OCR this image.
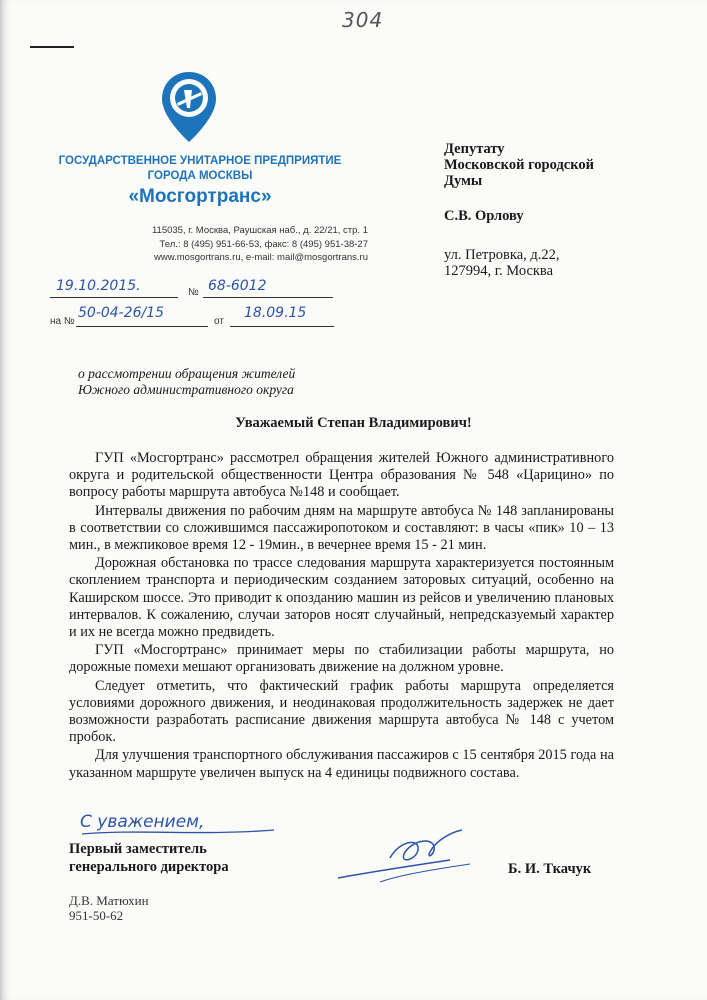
304
ГОСУДАРСТВЕННОЕ УНИТАРНОЕ ПРЕДПРИЯТИЕ
ГОРОДА МОСКВЫ
«Мосгортранс»
115035, г. Москва, Раушская наб., д. 22/21, стр. 1
Тел.: 8 (495) 951-66-53, факс: 8 (495) 951-38-27
www.mosgortrans.ru, e-mail: mail@mosgortrans.ru
19.10.2015.	№ 68-6012
на №
50-04-26/15
от
18.09.15
Депутату
Московской городской
Думы
С.В. Орлову
ул. Петровка, д.22,
127994, г. Москва
о рассмотрении обращения жителей
Южного административного округа
Уважаемый Степан Владимирович!

ГУП «Мосгортранс» рассмотрел обращения жителей Южного административного округа и родительской общественности Центра образования № 548 «Царицино» по вопросу работы маршрута автобуса №148 и сообщает.

Интервалы движения по рабочим дням на маршруте автобуса № 148 запланированы в соответствии со сложившимся пассажиропотоком и составляют: в часы «пик» 10 – 13 мин., в межпиковое время 12 - 19мин., в вечернее время 15 - 21 мин.

Дорожная обстановка по трассе следования маршрута характеризуется постоянным скоплением транспорта и периодическим созданием заторовых ситуаций, особенно на Каширском шоссе. Это приводит к опозданию машин из рейсов и увеличению плановых интервалов. К сожалению, случаи заторов носят случайный, непредсказуемый характер и их не всегда можно предвидеть.

ГУП «Мосгортранс» принимает меры по стабилизации работы маршрута, но дорожные помехи мешают организовать движение на должном уровне.

Следует отметить, что фактический график работы маршрута определяется условиями дорожного движения, и неодинаковая продолжительность задержек не дает возможности разработать расписание движения маршрута автобуса № 148 с учетом пробок.

Для улучшения транспортного обслуживания пассажиров с 15 сентября 2015 года на указанном маршруте увеличен выпуск на 4 единицы подвижного состава.

С уважением,
Первый заместитель
генерального директора	Б. И. Ткачук
Д.В. Матюхин
951-50-62
